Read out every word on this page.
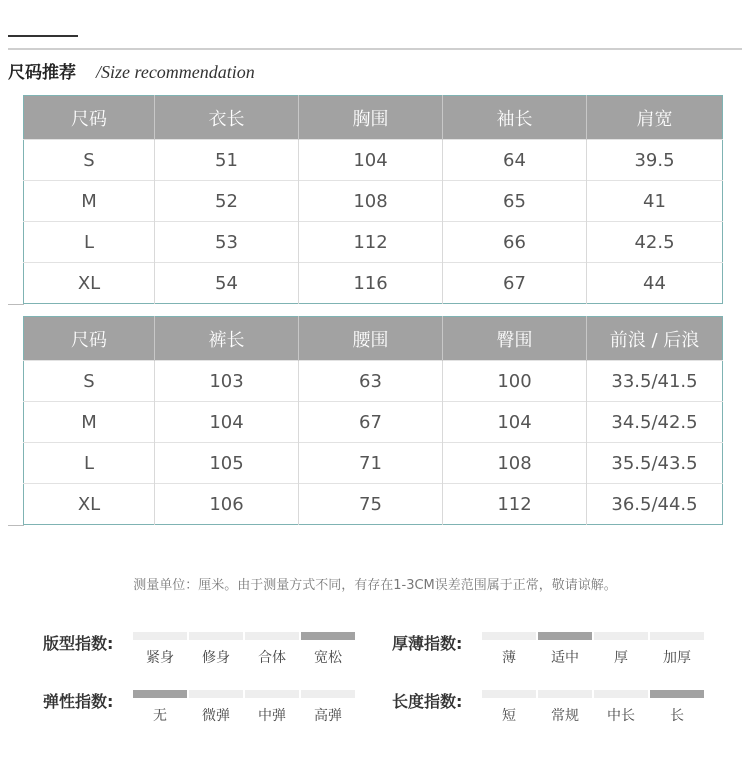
尺码推荐 /Size recommendation
尺码	衣长	胸围	袖长	肩宽
S	51	104	64	39.5
M	52	108	65	41
L	53	112	66	42.5
XL	54	116	67	44
尺码	裤长	腰围	臀围	前浪 / 后浪
S	103	63	100	33.5/41.5
M	104	67	104	34.5/42.5
L	105	71	108	35.5/43.5
XL	106	75	112	36.5/44.5
测量单位：厘米。由于测量方式不同，有存在1-3CM误差范围属于正常，敬请谅解。
版型指数:
紧身 修身 合体 宽松
厚薄指数:
薄	适中	厚	加厚
弹性指数:
无	微弹 中弹 高弹
长度指数:
短	常规 中长	长
